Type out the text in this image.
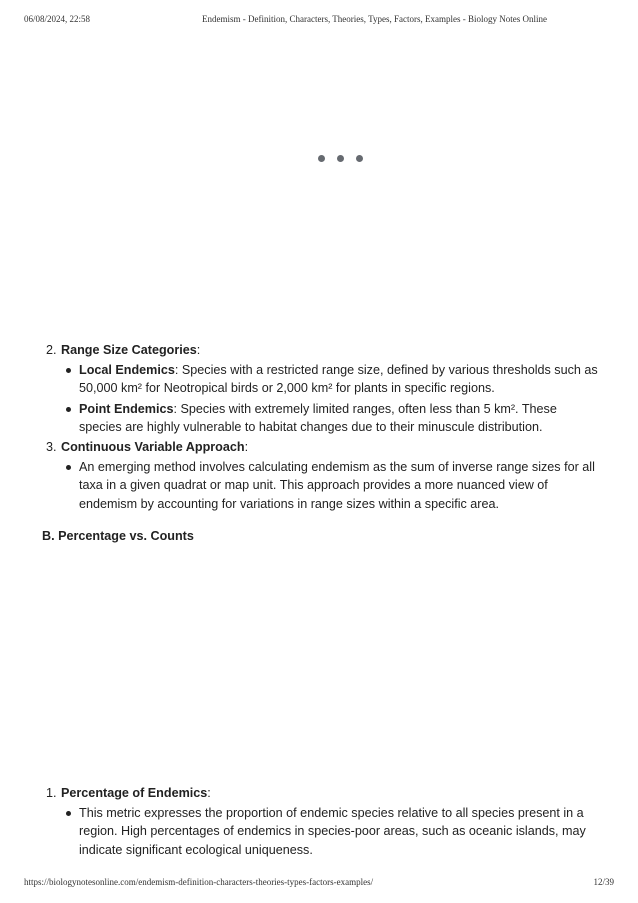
06/08/2024, 22:58	Endemism - Definition, Characters, Theories, Types, Factors, Examples - Biology Notes Online
2. Range Size Categories:
Local Endemics: Species with a restricted range size, defined by various thresholds such as 50,000 km² for Neotropical birds or 2,000 km² for plants in specific regions.
Point Endemics: Species with extremely limited ranges, often less than 5 km². These species are highly vulnerable to habitat changes due to their minuscule distribution.
3. Continuous Variable Approach:
An emerging method involves calculating endemism as the sum of inverse range sizes for all taxa in a given quadrat or map unit. This approach provides a more nuanced view of endemism by accounting for variations in range sizes within a specific area.
B. Percentage vs. Counts
1. Percentage of Endemics:
This metric expresses the proportion of endemic species relative to all species present in a region. High percentages of endemics in species-poor areas, such as oceanic islands, may indicate significant ecological uniqueness.
https://biologynotesonline.com/endemism-definition-characters-theories-types-factors-examples/	12/39
